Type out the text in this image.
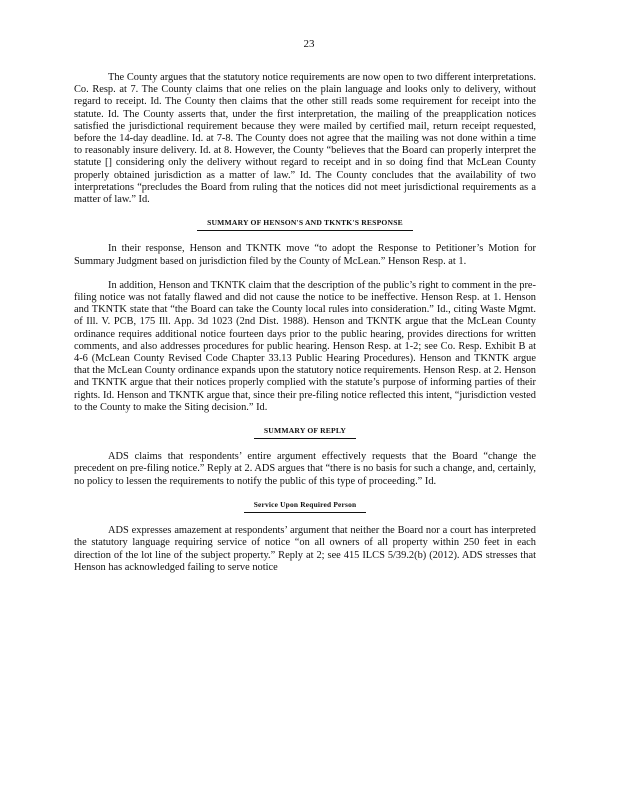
23

The County argues that the statutory notice requirements are now open to two different interpretations. Co. Resp. at 7. The County claims that one relies on the plain language and looks only to delivery, without regard to receipt. Id. The County then claims that the other still reads some requirement for receipt into the statute. Id. The County asserts that, under the first interpretation, the mailing of the preapplication notices satisfied the jurisdictional requirement because they were mailed by certified mail, return receipt requested, before the 14-day deadline. Id. at 7-8. The County does not agree that the mailing was not done within a time to reasonably insure delivery. Id. at 8. However, the County “believes that the Board can properly interpret the statute [] considering only the delivery without regard to receipt and in so doing find that McLean County properly obtained jurisdiction as a matter of law.” Id. The County concludes that the availability of two interpretations “precludes the Board from ruling that the notices did not meet jurisdictional requirements as a matter of law.” Id.

SUMMARY OF HENSON'S AND TKNTK'S RESPONSE

In their response, Henson and TKNTK move “to adopt the Response to Petitioner’s Motion for Summary Judgment based on jurisdiction filed by the County of McLean.” Henson Resp. at 1.

In addition, Henson and TKNTK claim that the description of the public’s right to comment in the pre-filing notice was not fatally flawed and did not cause the notice to be ineffective. Henson Resp. at 1. Henson and TKNTK state that “the Board can take the County local rules into consideration.” Id., citing Waste Mgmt. of Ill. V. PCB, 175 Ill. App. 3d 1023 (2nd Dist. 1988). Henson and TKNTK argue that the McLean County ordinance requires additional notice fourteen days prior to the public hearing, provides directions for written comments, and also addresses procedures for public hearing. Henson Resp. at 1-2; see Co. Resp. Exhibit B at 4-6 (McLean County Revised Code Chapter 33.13 Public Hearing Procedures). Henson and TKNTK argue that the McLean County ordinance expands upon the statutory notice requirements. Henson Resp. at 2. Henson and TKNTK argue that their notices properly complied with the statute’s purpose of informing parties of their rights. Id. Henson and TKNTK argue that, since their pre-filing notice reflected this intent, “jurisdiction vested to the County to make the Siting decision.” Id.

SUMMARY OF REPLY

ADS claims that respondents’ entire argument effectively requests that the Board “change the precedent on pre-filing notice.” Reply at 2. ADS argues that “there is no basis for such a change, and, certainly, no policy to lessen the requirements to notify the public of this type of proceeding.” Id.

Service Upon Required Person

ADS expresses amazement at respondents’ argument that neither the Board nor a court has interpreted the statutory language requiring service of notice “on all owners of all property within 250 feet in each direction of the lot line of the subject property.” Reply at 2; see 415 ILCS 5/39.2(b) (2012). ADS stresses that Henson has acknowledged failing to serve notice
